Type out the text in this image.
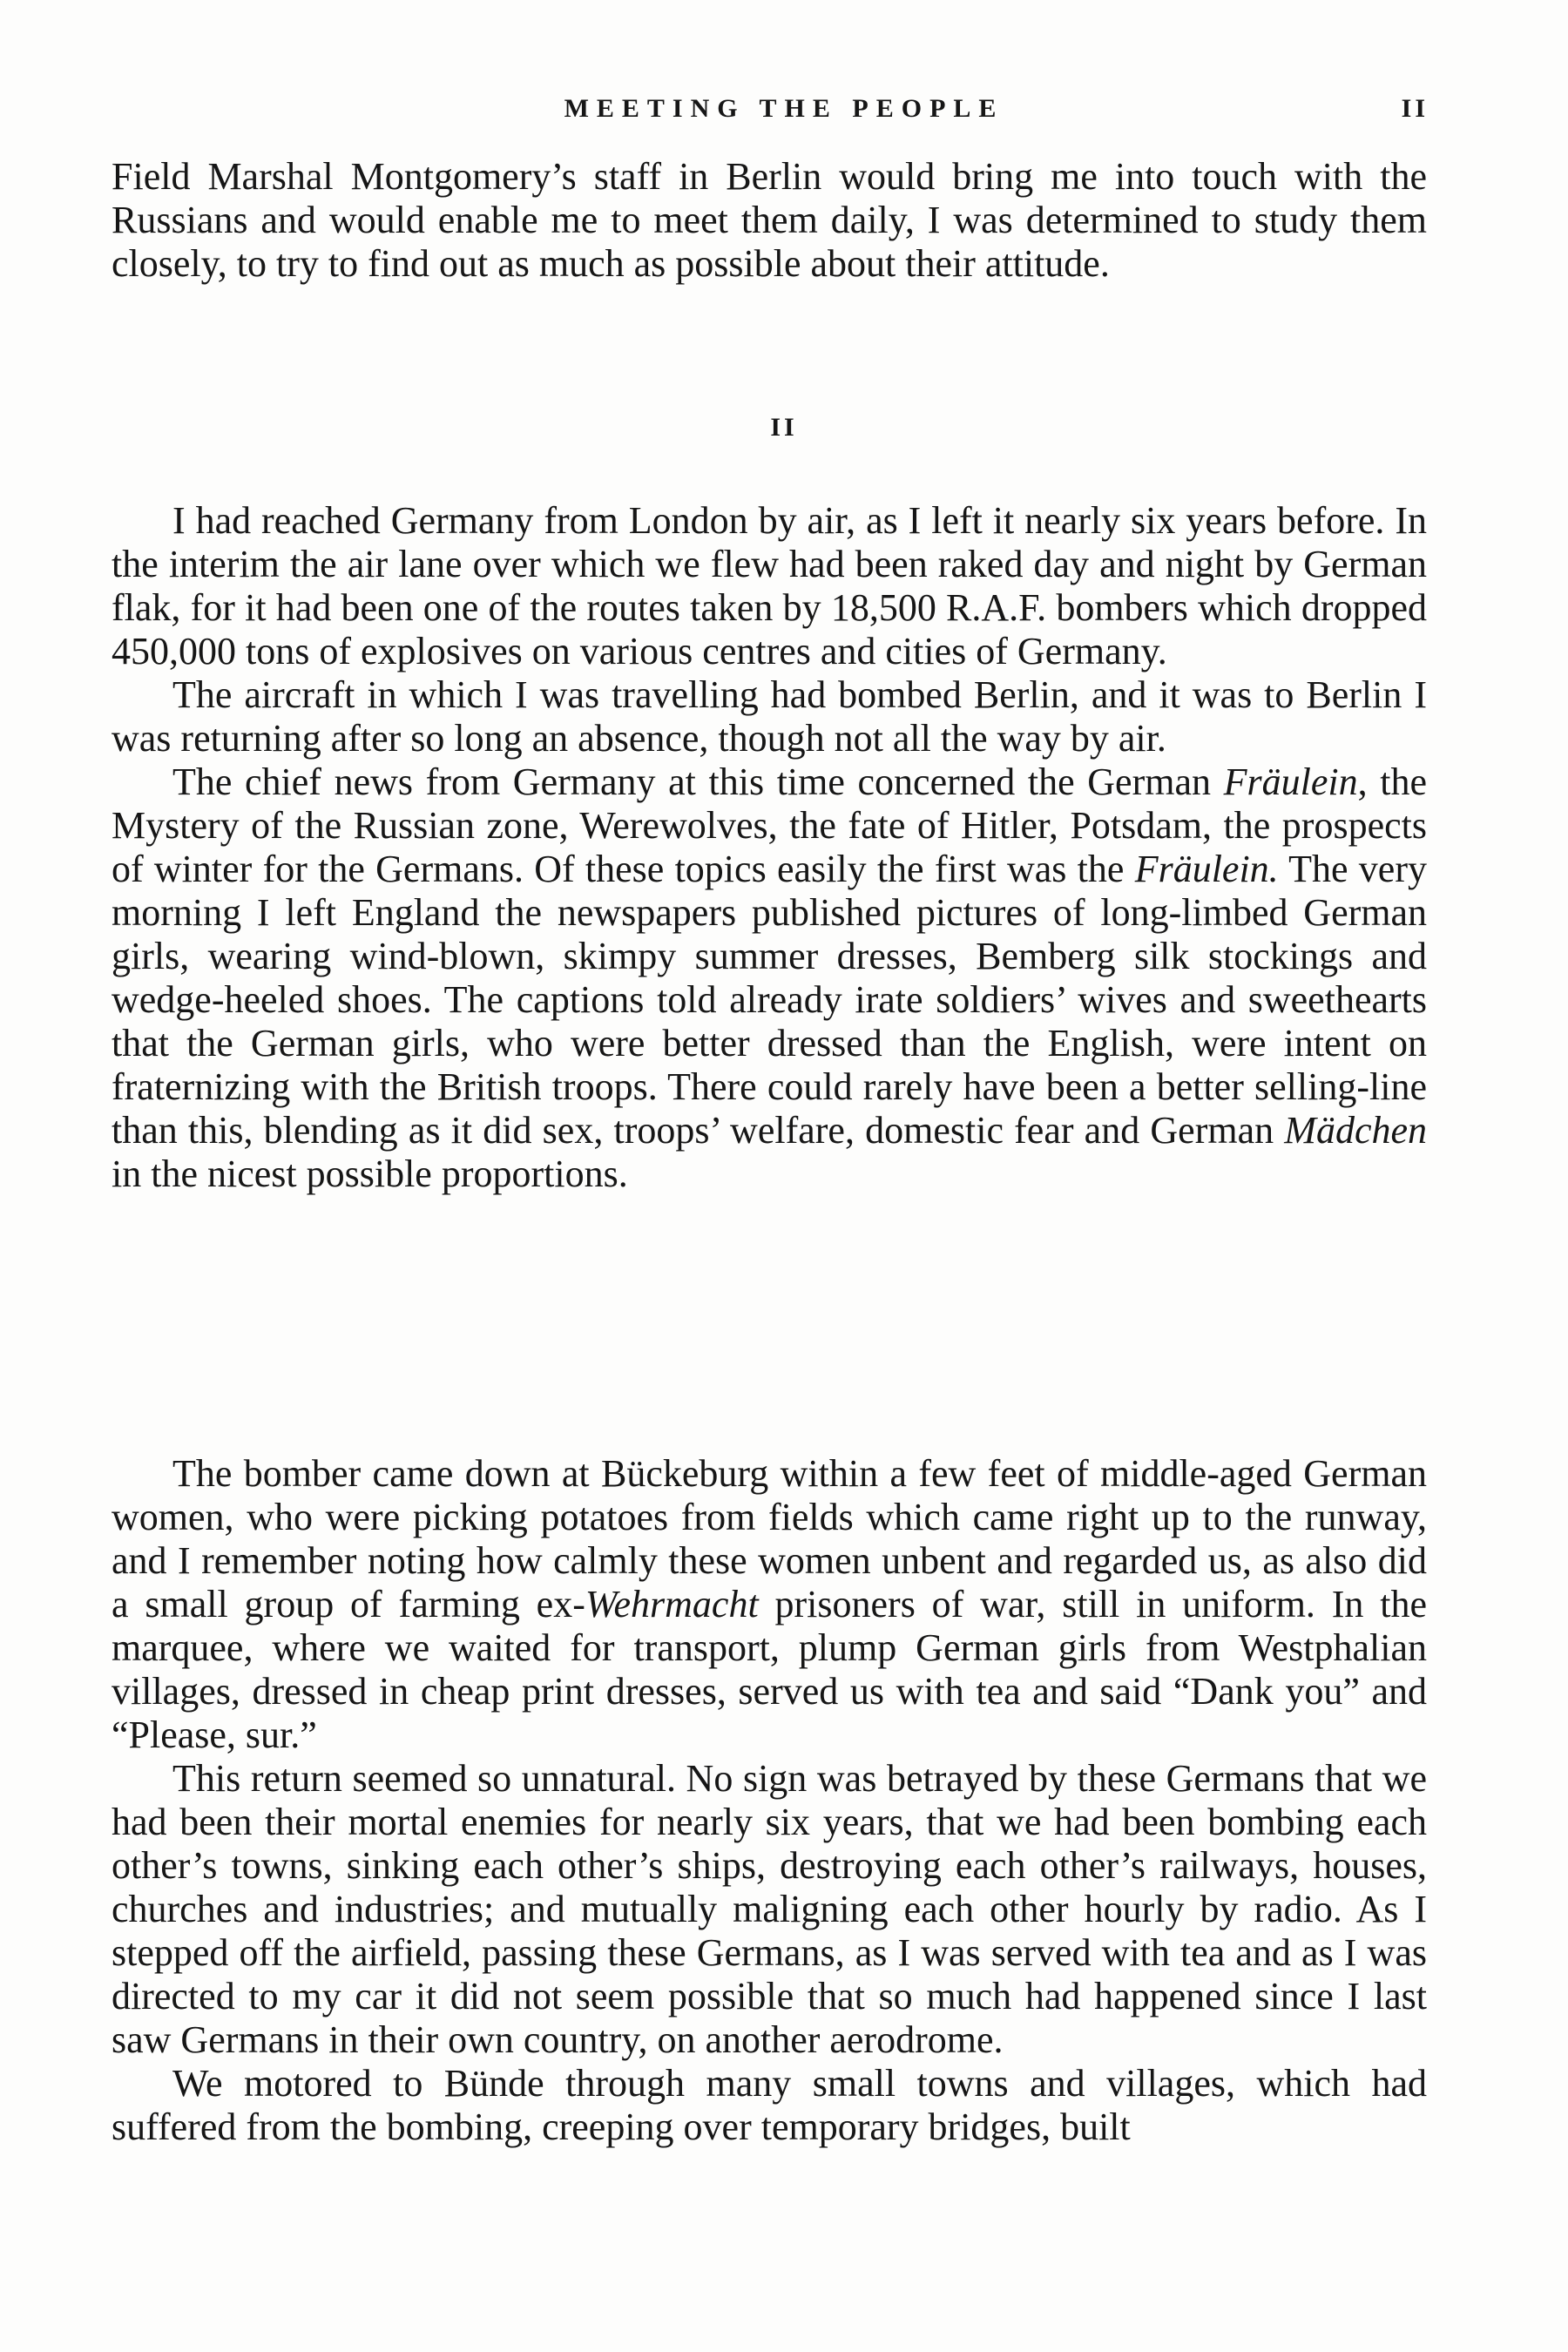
MEETING THE PEOPLE	II

Field Marshal Montgomery’s staff in Berlin would bring me into touch with the Russians and would enable me to meet them daily, I was determined to study them closely, to try to find out as much as possible about their attitude.

II

I had reached Germany from London by air, as I left it nearly six years before. In the interim the air lane over which we flew had been raked day and night by German flak, for it had been one of the routes taken by 18,500 R.A.F. bombers which dropped 450,000 tons of explosives on various centres and cities of Germany.

The aircraft in which I was travelling had bombed Berlin, and it was to Berlin I was returning after so long an absence, though not all the way by air.

The chief news from Germany at this time concerned the German Fräulein, the Mystery of the Russian zone, Werewolves, the fate of Hitler, Potsdam, the prospects of winter for the Germans. Of these topics easily the first was the Fräulein. The very morning I left England the newspapers published pictures of long-limbed German girls, wearing wind-blown, skimpy summer dresses, Bemberg silk stockings and wedge-heeled shoes. The captions told already irate soldiers’ wives and sweethearts that the German girls, who were better dressed than the English, were intent on fraternizing with the British troops. There could rarely have been a better selling-line than this, blending as it did sex, troops’ welfare, domestic fear and German Mädchen in the nicest possible proportions.

The bomber came down at Bückeburg within a few feet of middle-aged German women, who were picking potatoes from fields which came right up to the runway, and I remember noting how calmly these women unbent and regarded us, as also did a small group of farming ex-Wehrmacht prisoners of war, still in uniform. In the marquee, where we waited for transport, plump German girls from Westphalian villages, dressed in cheap print dresses, served us with tea and said “Dank you” and “Please, sur.”

This return seemed so unnatural. No sign was betrayed by these Germans that we had been their mortal enemies for nearly six years, that we had been bombing each other’s towns, sinking each other’s ships, destroying each other’s railways, houses, churches and industries; and mutually maligning each other hourly by radio. As I stepped off the airfield, passing these Germans, as I was served with tea and as I was directed to my car it did not seem possible that so much had happened since I last saw Germans in their own country, on another aerodrome.

We motored to Bünde through many small towns and villages, which had suffered from the bombing, creeping over temporary bridges, built
